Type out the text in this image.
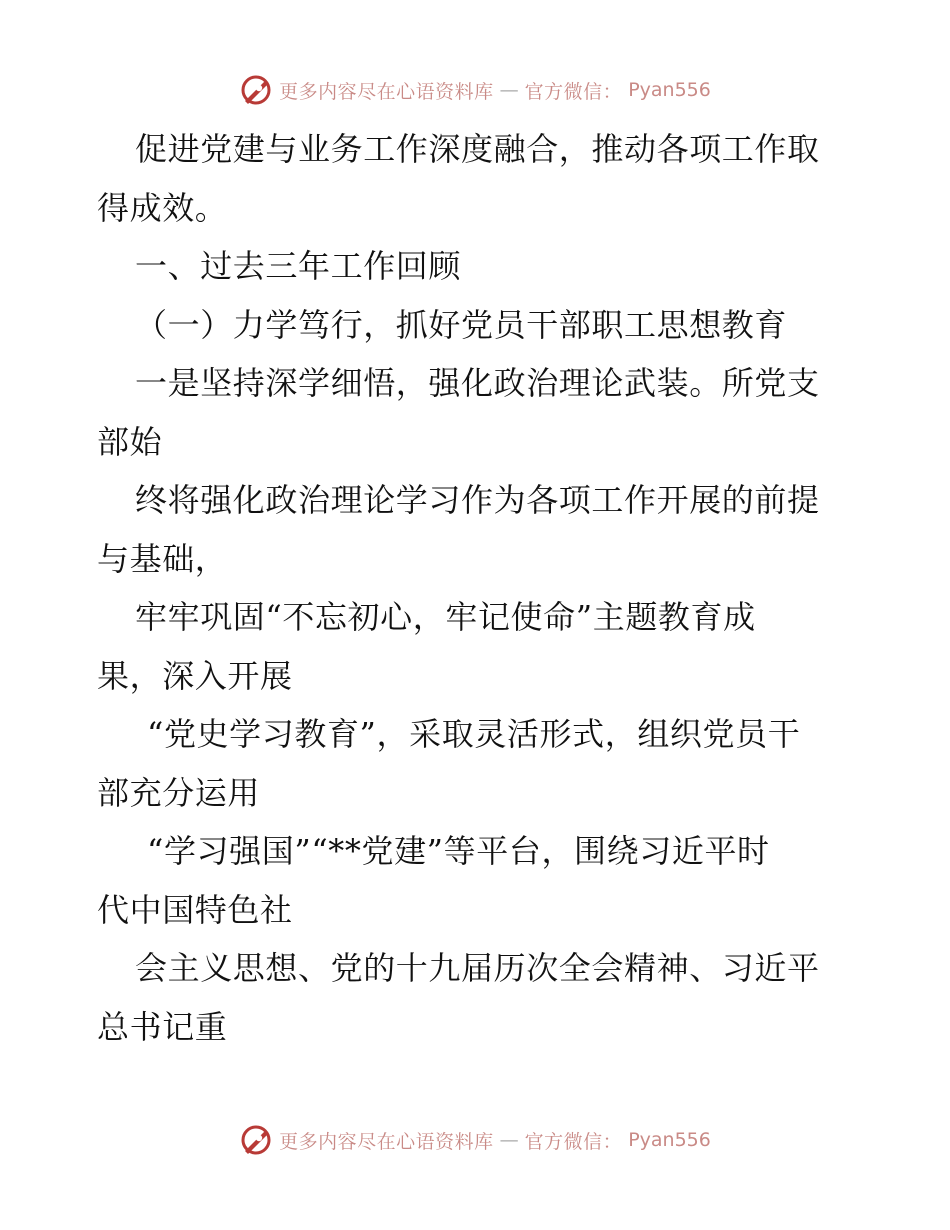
更多内容尽在心语资料库 — 官方微信： Pyan556
促进党建与业务工作深度融合，推动各项工作取
得成效。
一、过去三年工作回顾
（一）力学笃行，抓好党员干部职工思想教育
一是坚持深学细悟，强化政治理论武装。所党支
部始
终将强化政治理论学习作为各项工作开展的前提
与基础，
牢牢巩固“不忘初心，牢记使命”主题教育成
果，深入开展
“党史学习教育”，采取灵活形式，组织党员干
部充分运用
“学习强国”“**党建”等平台，围绕习近平时
代中国特色社
会主义思想、党的十九届历次全会精神、习近平
总书记重
更多内容尽在心语资料库 — 官方微信： Pyan556
